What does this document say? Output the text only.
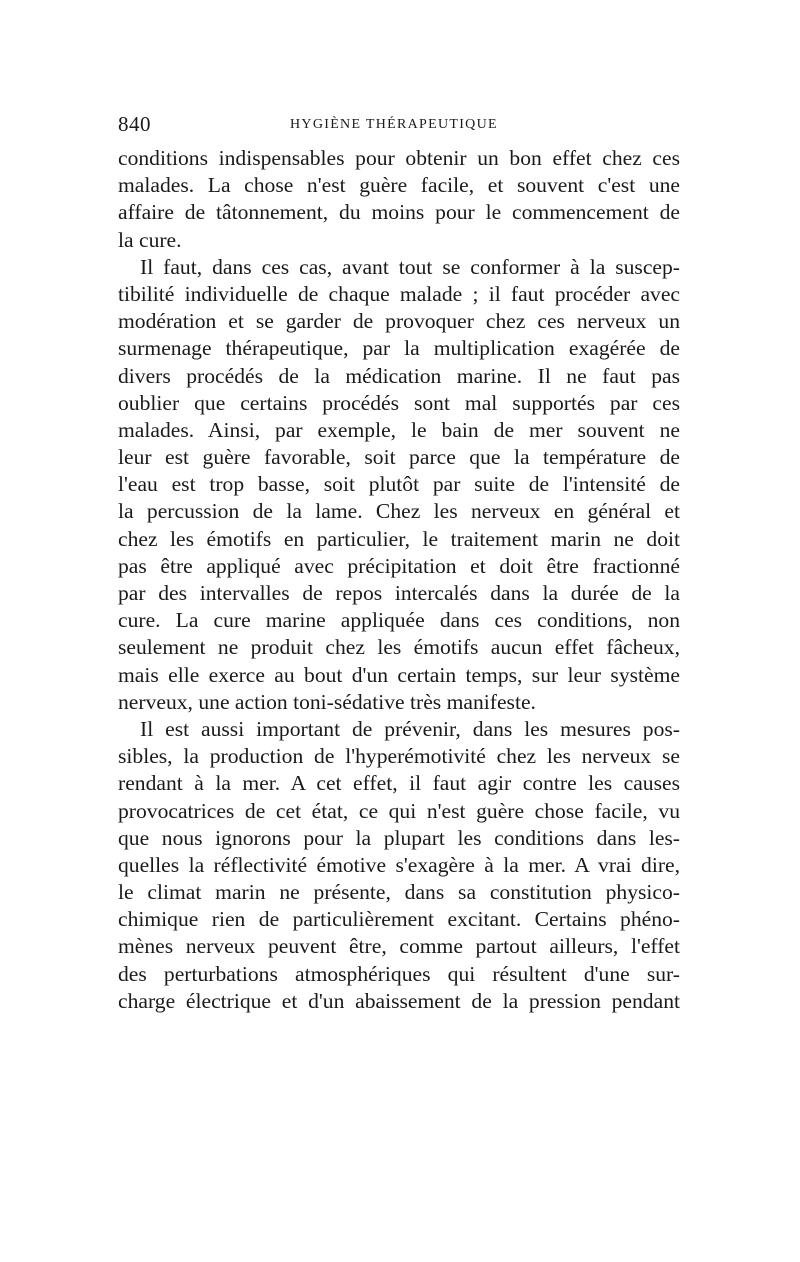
840	HYGIÈNE THÉRAPEUTIQUE
conditions indispensables pour obtenir un bon effet chez ces
malades. La chose n'est guère facile, et souvent c'est une
affaire de tâtonnement, du moins pour le commencement de
la cure.
Il faut, dans ces cas, avant tout se conformer à la suscep-
tibilité individuelle de chaque malade ; il faut procéder avec
modération et se garder de provoquer chez ces nerveux un
surmenage thérapeutique, par la multiplication exagérée de
divers procédés de la médication marine. Il ne faut pas
oublier que certains procédés sont mal supportés par ces
malades. Ainsi, par exemple, le bain de mer souvent ne
leur est guère favorable, soit parce que la température de
l'eau est trop basse, soit plutôt par suite de l'intensité de
la percussion de la lame. Chez les nerveux en général et
chez les émotifs en particulier, le traitement marin ne doit
pas être appliqué avec précipitation et doit être fractionné
par des intervalles de repos intercalés dans la durée de la
cure. La cure marine appliquée dans ces conditions, non
seulement ne produit chez les émotifs aucun effet fâcheux,
mais elle exerce au bout d'un certain temps, sur leur système
nerveux, une action toni-sédative très manifeste.
Il est aussi important de prévenir, dans les mesures pos-
sibles, la production de l'hyperémotivité chez les nerveux se
rendant à la mer. A cet effet, il faut agir contre les causes
provocatrices de cet état, ce qui n'est guère chose facile, vu
que nous ignorons pour la plupart les conditions dans les-
quelles la réflectivité émotive s'exagère à la mer. A vrai dire,
le climat marin ne présente, dans sa constitution physico-
chimique rien de particulièrement excitant. Certains phéno-
mènes nerveux peuvent être, comme partout ailleurs, l'effet
des perturbations atmosphériques qui résultent d'une sur-
charge électrique et d'un abaissement de la pression pendant
